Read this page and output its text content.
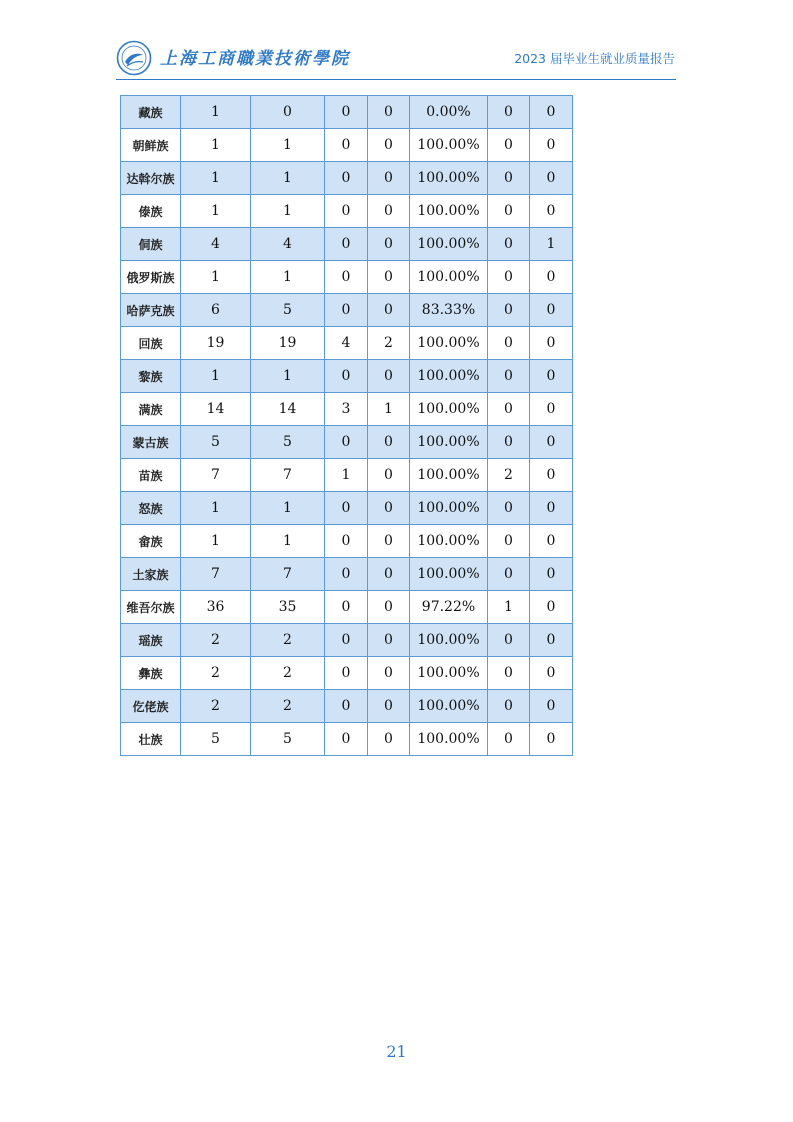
上海工商職業技術學院	2023 届毕业生就业质量报告
藏族	1	0	0	0	0.00%	0	0
朝鲜族	1	1	0	0	100.00%	0	0
达斡尔族	1	1	0	0	100.00%	0	0
傣族	1	1	0	0	100.00%	0	0
侗族	4	4	0	0	100.00%	0	1
俄罗斯族	1	1	0	0	100.00%	0	0
哈萨克族	6	5	0	0	83.33%	0	0
回族	19	19	4	2	100.00%	0	0
黎族	1	1	0	0	100.00%	0	0
满族	14	14	3	1	100.00%	0	0
蒙古族	5	5	0	0	100.00%	0	0
苗族	7	7	1	0	100.00%	2	0
怒族	1	1	0	0	100.00%	0	0
畲族	1	1	0	0	100.00%	0	0
土家族	7	7	0	0	100.00%	0	0
维吾尔族	36	35	0	0	97.22%	1	0
瑶族	2	2	0	0	100.00%	0	0
彝族	2	2	0	0	100.00%	0	0
仡佬族	2	2	0	0	100.00%	0	0
壮族	5	5	0	0	100.00%	0	0
21
